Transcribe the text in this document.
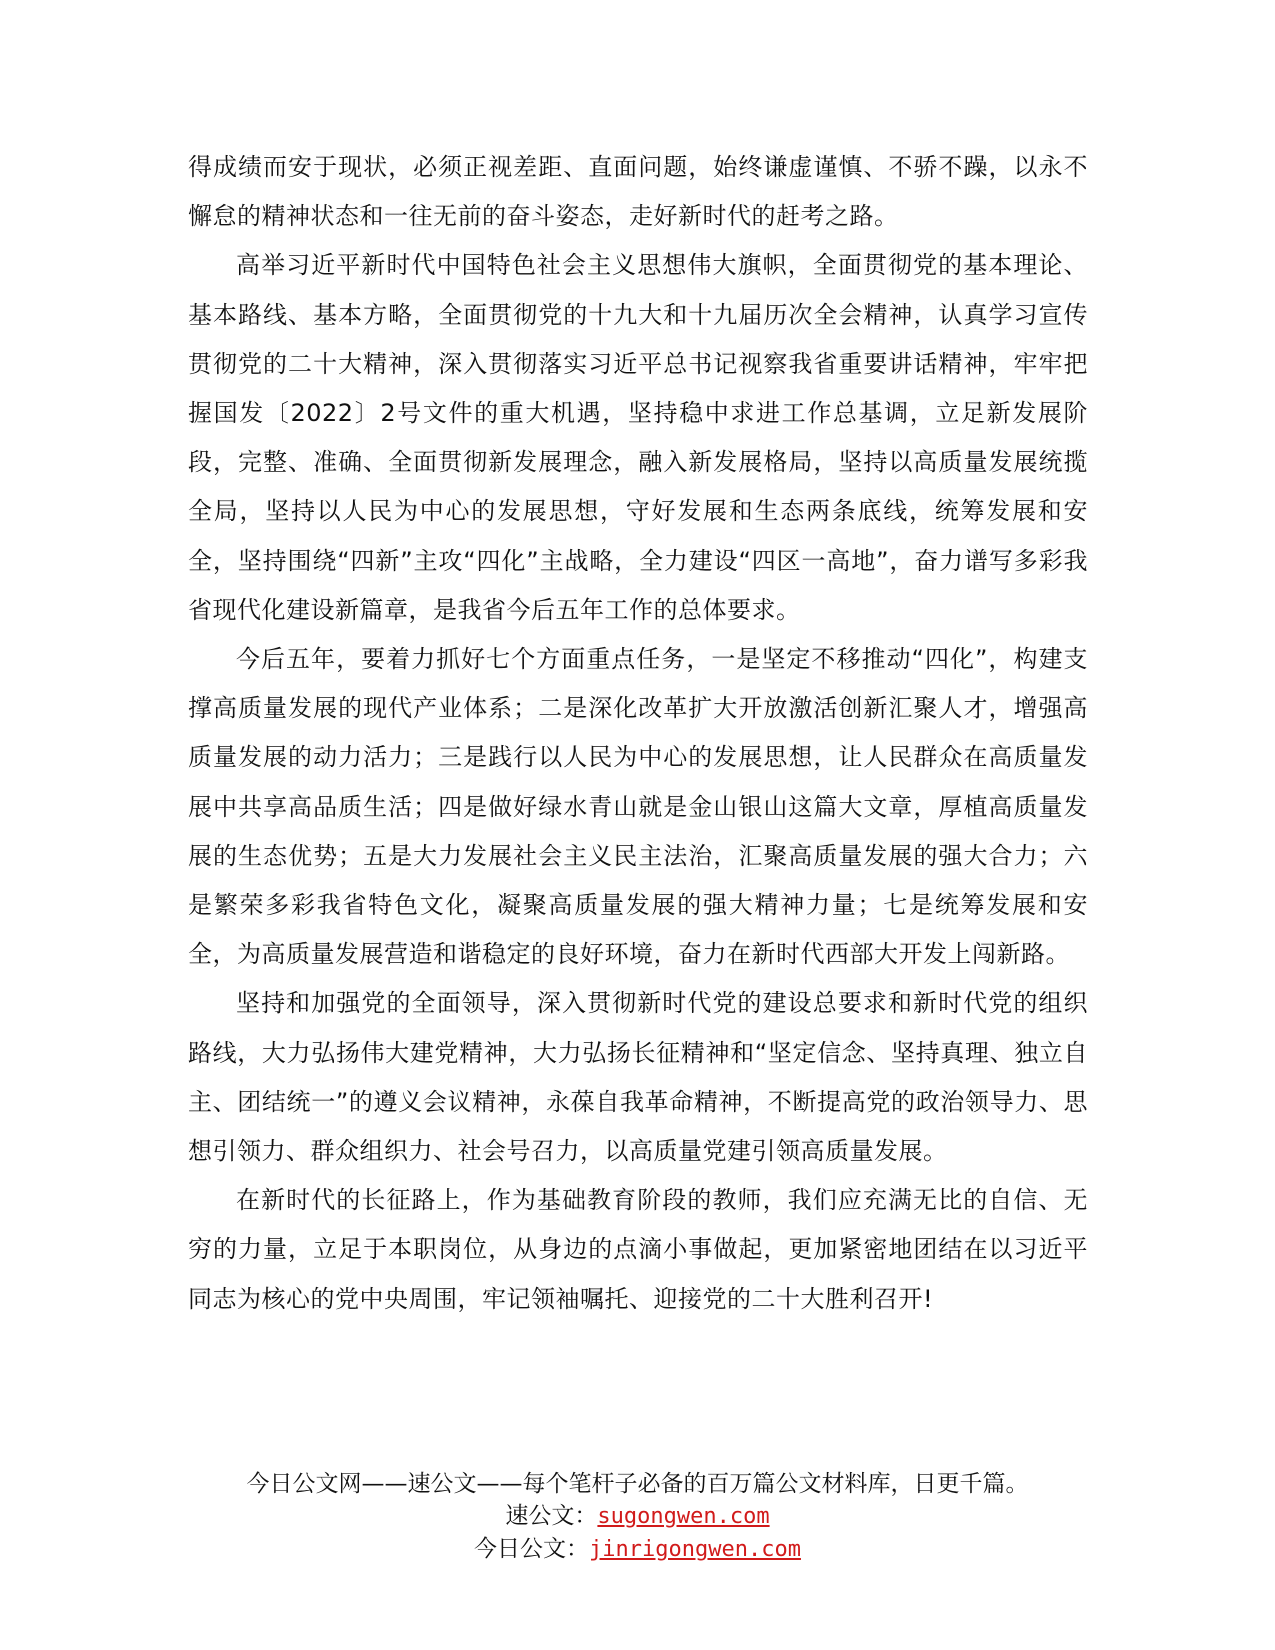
得成绩而安于现状，必须正视差距、直面问题，始终谦虚谨慎、不骄不躁，以永不懈怠的精神状态和一往无前的奋斗姿态，走好新时代的赶考之路。

高举习近平新时代中国特色社会主义思想伟大旗帜，全面贯彻党的基本理论、基本路线、基本方略，全面贯彻党的十九大和十九届历次全会精神，认真学习宣传贯彻党的二十大精神，深入贯彻落实习近平总书记视察我省重要讲话精神，牢牢把握国发〔2022〕2号文件的重大机遇，坚持稳中求进工作总基调，立足新发展阶段，完整、准确、全面贯彻新发展理念，融入新发展格局，坚持以高质量发展统揽全局，坚持以人民为中心的发展思想，守好发展和生态两条底线，统筹发展和安全，坚持围绕“四新”主攻“四化”主战略，全力建设“四区一高地”，奋力谱写多彩我省现代化建设新篇章，是我省今后五年工作的总体要求。

今后五年，要着力抓好七个方面重点任务，一是坚定不移推动“四化”，构建支撑高质量发展的现代产业体系；二是深化改革扩大开放激活创新汇聚人才，增强高质量发展的动力活力；三是践行以人民为中心的发展思想，让人民群众在高质量发展中共享高品质生活；四是做好绿水青山就是金山银山这篇大文章，厚植高质量发展的生态优势；五是大力发展社会主义民主法治，汇聚高质量发展的强大合力；六是繁荣多彩我省特色文化，凝聚高质量发展的强大精神力量；七是统筹发展和安全，为高质量发展营造和谐稳定的良好环境，奋力在新时代西部大开发上闯新路。

坚持和加强党的全面领导，深入贯彻新时代党的建设总要求和新时代党的组织路线，大力弘扬伟大建党精神，大力弘扬长征精神和“坚定信念、坚持真理、独立自主、团结统一”的遵义会议精神，永葆自我革命精神，不断提高党的政治领导力、思想引领力、群众组织力、社会号召力，以高质量党建引领高质量发展。

在新时代的长征路上，作为基础教育阶段的教师，我们应充满无比的自信、无穷的力量，立足于本职岗位，从身边的点滴小事做起，更加紧密地团结在以习近平同志为核心的党中央周围，牢记领袖嘱托、迎接党的二十大胜利召开!

今日公文网——速公文——每个笔杆子必备的百万篇公文材料库，日更千篇。
速公文：sugongwen.com
今日公文：jinrigongwen.com
